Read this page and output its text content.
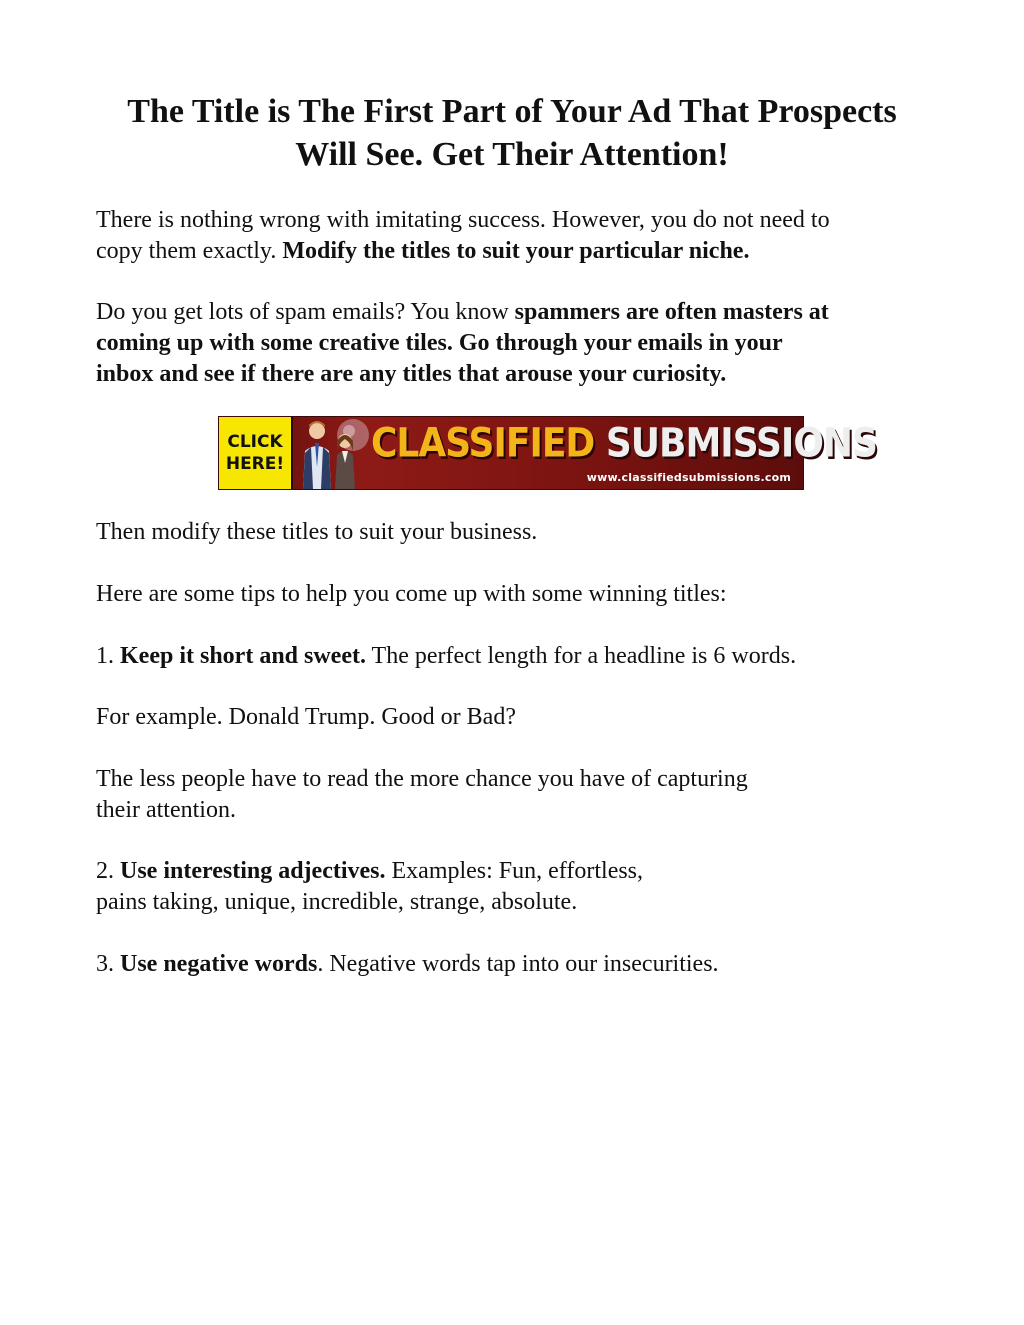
The Title is The First Part of Your Ad That Prospects
Will See. Get Their Attention!

There is nothing wrong with imitating success. However, you do not need to
copy them exactly. Modify the titles to suit your particular niche.

Do you get lots of spam emails? You know spammers are often masters at
coming up with some creative tiles. Go through your emails in your
inbox and see if there are any titles that arouse your curiosity.

CLICK
HERE! CLASSIFIED SUBMISSIONS
www.classifiedsubmissions.com

Then modify these titles to suit your business.

Here are some tips to help you come up with some winning titles:

1. Keep it short and sweet. The perfect length for a headline is 6 words.

For example. Donald Trump. Good or Bad?

The less people have to read the more chance you have of capturing
their attention.

2. Use interesting adjectives. Examples: Fun, effortless,
pains taking, unique, incredible, strange, absolute.

3. Use negative words. Negative words tap into our insecurities.
